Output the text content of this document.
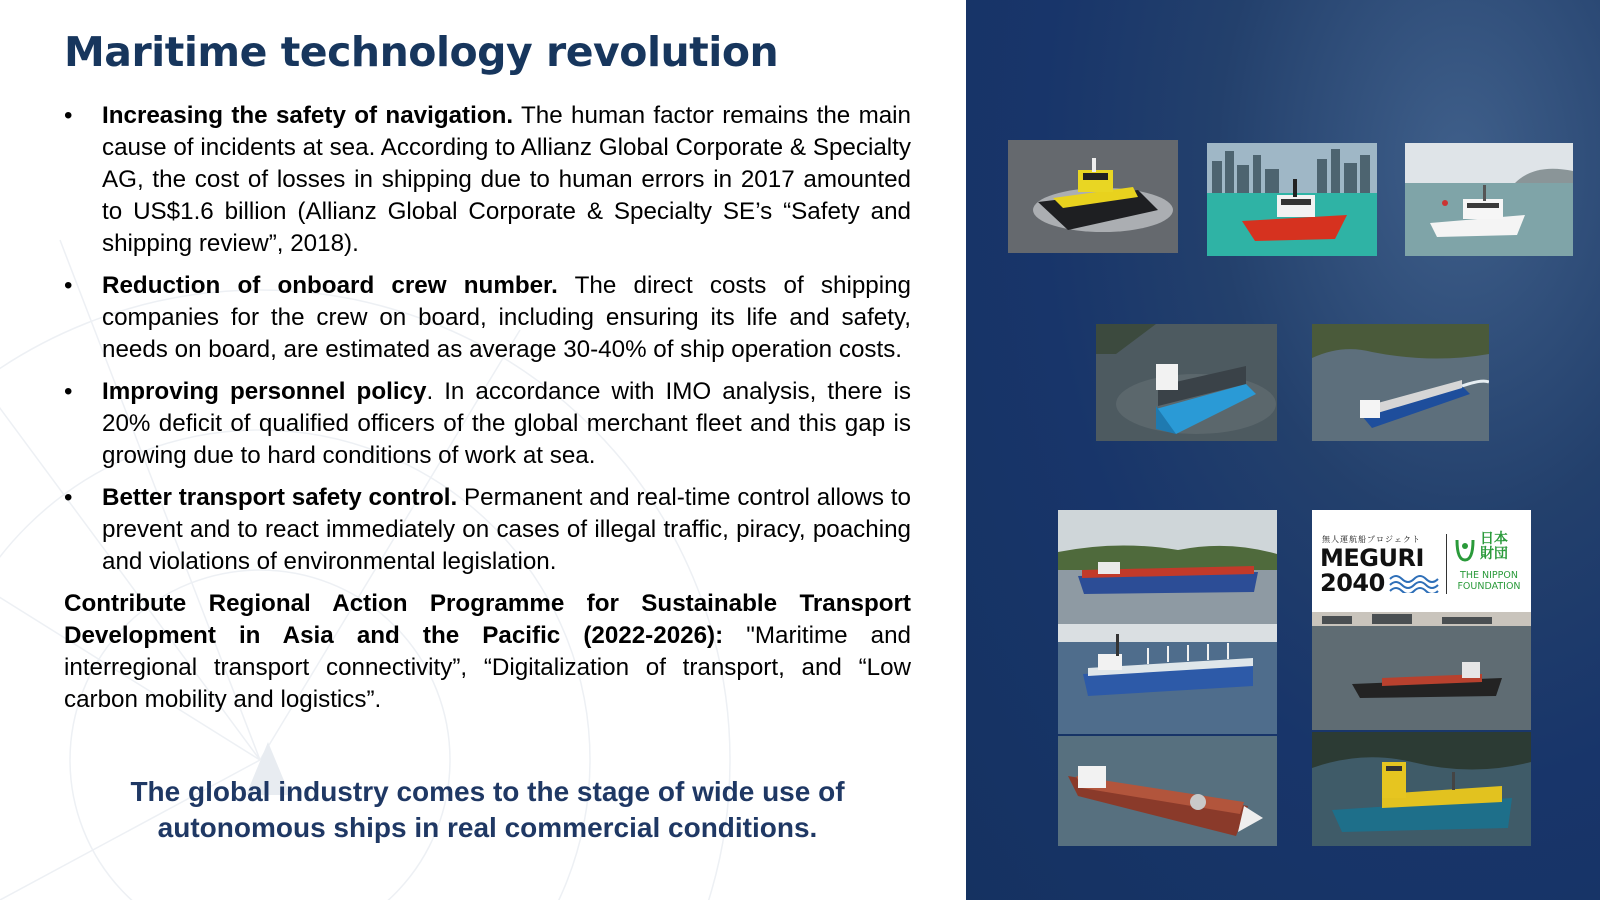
Maritime technology revolution
• Increasing the safety of navigation. The human factor remains the main cause of incidents at sea. According to Allianz Global Corporate & Specialty AG, the cost of losses in shipping due to human errors in 2017 amounted to US$1.6 billion (Allianz Global Corporate & Specialty SE’s “Safety and shipping review”, 2018).
• Reduction of onboard crew number. The direct costs of shipping companies for the crew on board, including ensuring its life and safety, needs on board, are estimated as average 30-40% of ship operation costs.
• Improving personnel policy. In accordance with IMO analysis, there is 20% deficit of qualified officers of the global merchant fleet and this gap is growing due to hard conditions of work at sea.
• Better transport safety control. Permanent and real-time control allows to prevent and to react immediately on cases of illegal traffic, piracy, poaching and violations of environmental legislation.

Contribute Regional Action Programme for Sustainable Transport Development in Asia and the Pacific (2022-2026): "Maritime and interregional transport connectivity”, “Digitalization of transport, and “Low carbon mobility and logistics”.

The global industry comes to the stage of wide use of autonomous ships in real commercial conditions.

無人運航船プロジェクト
MEGURI
2040
日本
財団
THE NIPPON
FOUNDATION
